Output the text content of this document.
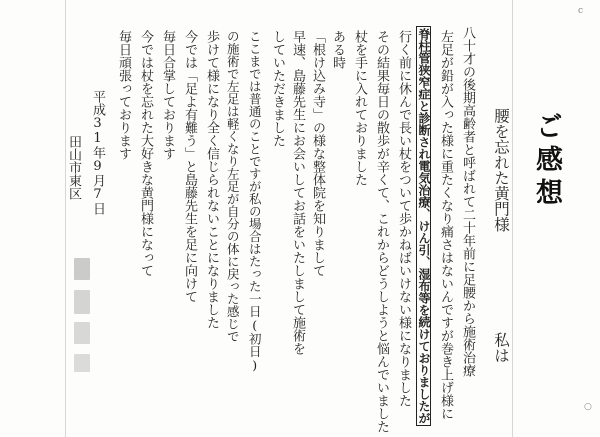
c
ご感想
私は
腰を忘れた黄門様
八十才の後期高齢者と呼ばれて二十年前に足腰から施術治療
左足が鉛が入った様に重たくなり痛さはないんですが巻き上げ様に
脊柱管狭窄症と診断され電気治療、けん引、湿布等を続けておりましたが
行く前に休んで長い杖をついて歩かねばいけない様になりました
その結果毎日の散歩が辛くて、これからどうしようと悩んでいました
杖を手に入れておりました
ある時
「根け込み寺」の様な整体院を知りまして
早速、島藤先生にお会いしてお話をいたしまして施術を
していただきました
ここまでは普通のことですが私の場合はたった一日(初日)
の施術で左足は軽くなり左足が自分の体に戻った感じで
歩けて様になり全く信じられないことになりました
今では「足よ有難う」と島藤先生を足に向けて
毎日合掌しております
今では杖を忘れた大好きな黄門様になって
毎日頑張っております
平成31年9月7日
田山市東区
○
